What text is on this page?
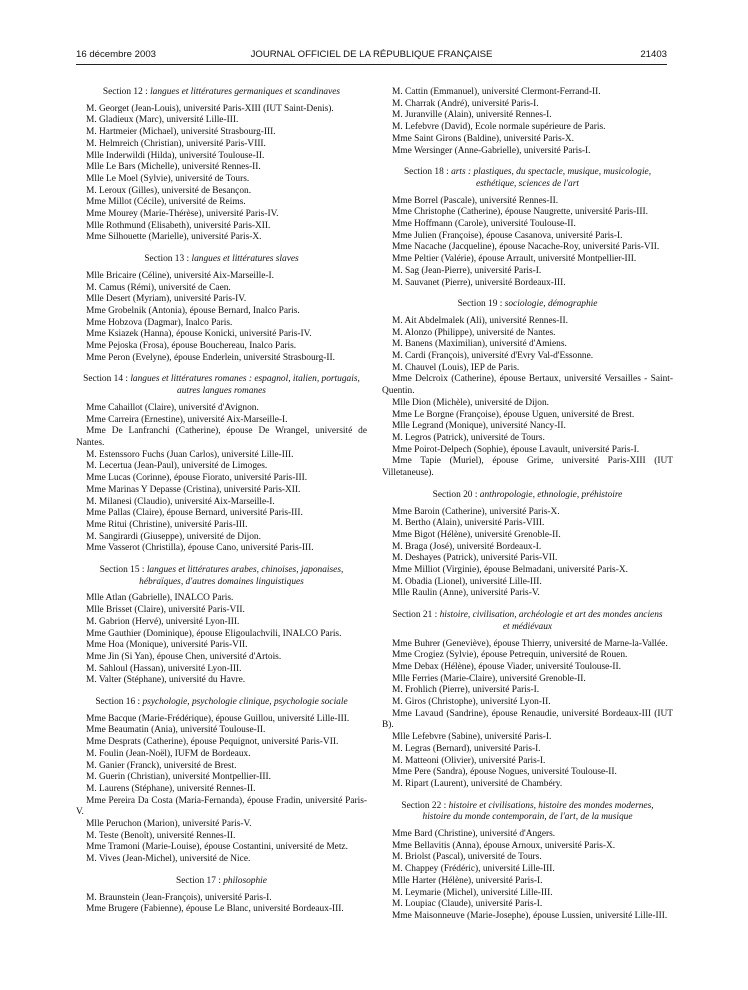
16 décembre 2003	JOURNAL OFFICIEL DE LA RÉPUBLIQUE FRANÇAISE	21403
Section 12 : langues et littératures germaniques et scandinaves

M. Georget (Jean-Louis), université Paris-XIII (IUT Saint-Denis).

M. Gladieux (Marc), université Lille-III.

M. Hartmeier (Michael), université Strasbourg-III.

M. Helmreich (Christian), université Paris-VIII.

Mlle Inderwildi (Hilda), université Toulouse-II.

Mlle Le Bars (Michelle), université Rennes-II.

Mlle Le Moel (Sylvie), université de Tours.

M. Leroux (Gilles), université de Besançon.

Mme Millot (Cécile), université de Reims.

Mme Mourey (Marie-Thérèse), université Paris-IV.

Mlle Rothmund (Elisabeth), université Paris-XII.

Mme Silhouette (Marielle), université Paris-X.

Section 13 : langues et littératures slaves

Mlle Bricaire (Céline), université Aix-Marseille-I.

M. Camus (Rémi), université de Caen.

Mlle Desert (Myriam), université Paris-IV.

Mme Grobelnik (Antonia), épouse Bernard, Inalco Paris.

Mme Hobzova (Dagmar), Inalco Paris.

Mme Ksiazek (Hanna), épouse Konicki, université Paris-IV.

Mme Pejoska (Frosa), épouse Bouchereau, Inalco Paris.

Mme Peron (Evelyne), épouse Enderlein, université Strasbourg-II.

Section 14 : langues et littératures romanes : espagnol, italien, portugais, autres langues romanes

Mme Cahaillot (Claire), université d'Avignon.

Mme Carreira (Ernestine), université Aix-Marseille-I.

Mme De Lanfranchi (Catherine), épouse De Wrangel, université de Nantes.

M. Estenssoro Fuchs (Juan Carlos), université Lille-III.

M. Lecertua (Jean-Paul), université de Limoges.

Mme Lucas (Corinne), épouse Fiorato, université Paris-III.

Mme Marinas Y Depasse (Cristina), université Paris-XII.

M. Milanesi (Claudio), université Aix-Marseille-I.

Mme Pallas (Claire), épouse Bernard, université Paris-III.

Mme Ritui (Christine), université Paris-III.

M. Sangirardi (Giuseppe), université de Dijon.

Mme Vasserot (Christilla), épouse Cano, université Paris-III.

Section 15 : langues et littératures arabes, chinoises, japonaises, hébraïques, d'autres domaines linguistiques

Mlle Atlan (Gabrielle), INALCO Paris.

Mlle Brisset (Claire), université Paris-VII.

M. Gabrion (Hervé), université Lyon-III.

Mme Gauthier (Dominique), épouse Eligoulachvili, INALCO Paris.

Mme Hoa (Monique), université Paris-VII.

Mme Jin (Si Yan), épouse Chen, université d'Artois.

M. Sahloul (Hassan), université Lyon-III.

M. Valter (Stéphane), université du Havre.

Section 16 : psychologie, psychologie clinique, psychologie sociale

Mme Bacque (Marie-Frédérique), épouse Guillou, université Lille-III.

Mme Beaumatin (Ania), université Toulouse-II.

Mme Desprats (Catherine), épouse Pequignot, université Paris-VII.

M. Foulin (Jean-Noël), IUFM de Bordeaux.

M. Ganier (Franck), université de Brest.

M. Guerin (Christian), université Montpellier-III.

M. Laurens (Stéphane), université Rennes-II.

Mme Pereira Da Costa (Maria-Fernanda), épouse Fradin, université Paris-V.

Mlle Peruchon (Marion), université Paris-V.

M. Teste (Benoît), université Rennes-II.

Mme Tramoni (Marie-Louise), épouse Costantini, université de Metz.

M. Vives (Jean-Michel), université de Nice.

Section 17 : philosophie

M. Braunstein (Jean-François), université Paris-I.

Mme Brugere (Fabienne), épouse Le Blanc, université Bordeaux-III.

M. Cattin (Emmanuel), université Clermont-Ferrand-II.

M. Charrak (André), université Paris-I.

M. Juranville (Alain), université Rennes-I.

M. Lefebvre (David), Ecole normale supérieure de Paris.

Mme Saint Girons (Baldine), université Paris-X.

Mme Wersinger (Anne-Gabrielle), université Paris-I.

Section 18 : arts : plastiques, du spectacle, musique, musicologie, esthétique, sciences de l'art

Mme Borrel (Pascale), université Rennes-II.

Mme Christophe (Catherine), épouse Naugrette, université Paris-III.

Mme Hoffmann (Carole), université Toulouse-II.

Mme Julien (Françoise), épouse Casanova, université Paris-I.

Mme Nacache (Jacqueline), épouse Nacache-Roy, université Paris-VII.

Mme Peltier (Valérie), épouse Arrault, université Montpellier-III.

M. Sag (Jean-Pierre), université Paris-I.

M. Sauvanet (Pierre), université Bordeaux-III.

Section 19 : sociologie, démographie

M. Ait Abdelmalek (Ali), université Rennes-II.

M. Alonzo (Philippe), université de Nantes.

M. Banens (Maximilian), université d'Amiens.

M. Cardi (François), université d'Evry Val-d'Essonne.

M. Chauvel (Louis), IEP de Paris.

Mme Delcroix (Catherine), épouse Bertaux, université Versailles - Saint-Quentin.

Mlle Dion (Michèle), université de Dijon.

Mme Le Borgne (Françoise), épouse Uguen, université de Brest.

Mlle Legrand (Monique), université Nancy-II.

M. Legros (Patrick), université de Tours.

Mme Poirot-Delpech (Sophie), épouse Lavault, université Paris-I.

Mme Tapie (Muriel), épouse Grime, université Paris-XIII (IUT Villetaneuse).

Section 20 : anthropologie, ethnologie, préhistoire

Mme Baroin (Catherine), université Paris-X.

M. Bertho (Alain), université Paris-VIII.

Mme Bigot (Hélène), université Grenoble-II.

M. Braga (José), université Bordeaux-I.

M. Deshayes (Patrick), université Paris-VII.

Mme Milliot (Virginie), épouse Belmadani, université Paris-X.

M. Obadia (Lionel), université Lille-III.

Mlle Raulin (Anne), université Paris-V.

Section 21 : histoire, civilisation, archéologie et art des mondes anciens et médiévaux

Mme Buhrer (Geneviève), épouse Thierry, université de Marne-la-Vallée.

Mme Crogiez (Sylvie), épouse Petrequin, université de Rouen.

Mme Debax (Hélène), épouse Viader, université Toulouse-II.

Mlle Ferries (Marie-Claire), université Grenoble-II.

M. Frohlich (Pierre), université Paris-I.

M. Giros (Christophe), université Lyon-II.

Mme Lavaud (Sandrine), épouse Renaudie, université Bordeaux-III (IUT B).

Mlle Lefebvre (Sabine), université Paris-I.

M. Legras (Bernard), université Paris-I.

M. Matteoni (Olivier), université Paris-I.

Mme Pere (Sandra), épouse Nogues, université Toulouse-II.

M. Ripart (Laurent), université de Chambéry.

Section 22 : histoire et civilisations, histoire des mondes modernes, histoire du monde contemporain, de l'art, de la musique

Mme Bard (Christine), université d'Angers.

Mme Bellavitis (Anna), épouse Arnoux, université Paris-X.

M. Briolst (Pascal), université de Tours.

M. Chappey (Frédéric), université Lille-III.

Mlle Harter (Hélène), université Paris-I.

M. Leymarie (Michel), université Lille-III.

M. Loupiac (Claude), université Paris-I.

Mme Maisonneuve (Marie-Josephe), épouse Lussien, université Lille-III.
